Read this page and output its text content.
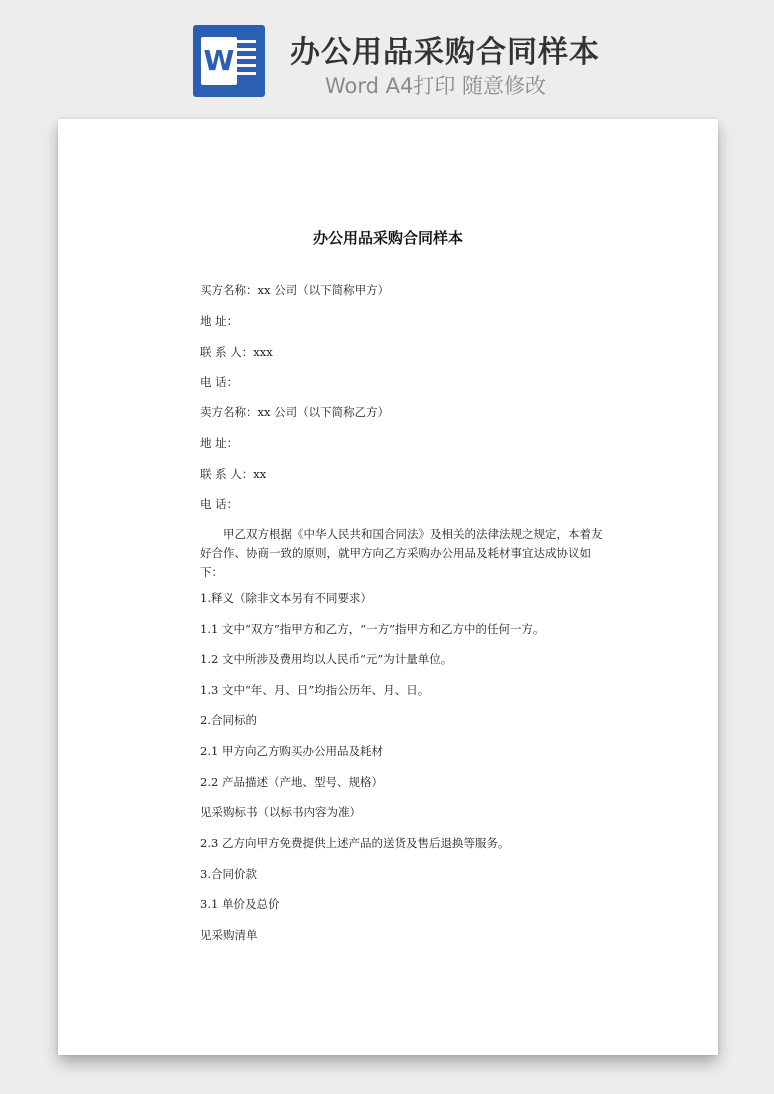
W 办公用品采购合同样本
Word A4打印 随意修改

办公用品采购合同样本
买方名称：xx 公司（以下简称甲方）
地 址：
联 系 人：xxx
电 话：
卖方名称：xx 公司（以下简称乙方）
地 址：
联 系 人：xx
电 话：
甲乙双方根据《中华人民共和国合同法》及相关的法律法规之规定，本着友好合作、协商一致的原则，就甲方向乙方采购办公用品及耗材事宜达成协议如下：
1.释义（除非文本另有不同要求）
1.1 文中“双方”指甲方和乙方，“一方”指甲方和乙方中的任何一方。
1.2 文中所涉及费用均以人民币“元”为计量单位。
1.3 文中“年、月、日”均指公历年、月、日。
2.合同标的
2.1 甲方向乙方购买办公用品及耗材
2.2 产品描述（产地、型号、规格）
见采购标书（以标书内容为准）
2.3 乙方向甲方免费提供上述产品的送货及售后退换等服务。
3.合同价款
3.1 单价及总价
见采购清单
